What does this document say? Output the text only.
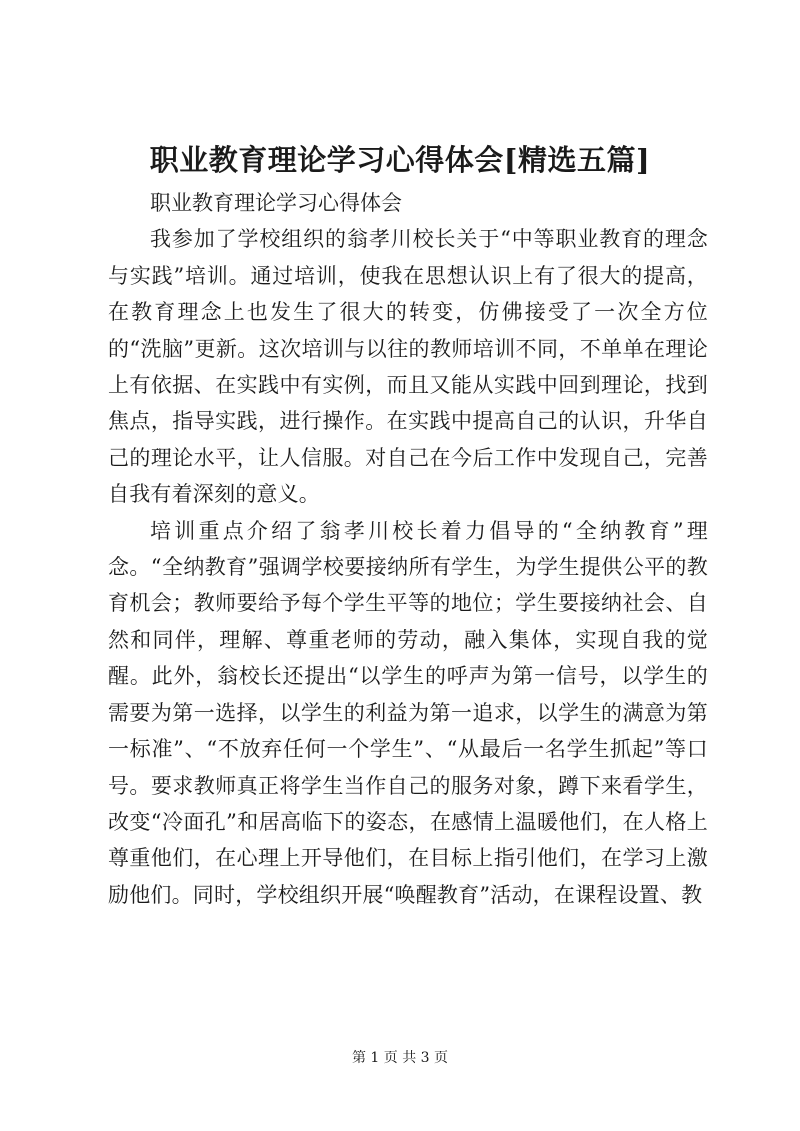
职业教育理论学习心得体会[精选五篇]

职业教育理论学习心得体会

我参加了学校组织的翁孝川校长关于“中等职业教育的理念与实践”培训。通过培训，使我在思想认识上有了很大的提高，在教育理念上也发生了很大的转变，仿佛接受了一次全方位的“洗脑”更新。这次培训与以往的教师培训不同，不单单在理论上有依据、在实践中有实例，而且又能从实践中回到理论，找到焦点，指导实践，进行操作。在实践中提高自己的认识，升华自己的理论水平，让人信服。对自己在今后工作中发现自己，完善自我有着深刻的意义。

培训重点介绍了翁孝川校长着力倡导的“全纳教育”理念。“全纳教育”强调学校要接纳所有学生，为学生提供公平的教育机会；教师要给予每个学生平等的地位；学生要接纳社会、自然和同伴，理解、尊重老师的劳动，融入集体，实现自我的觉醒。此外，翁校长还提出“以学生的呼声为第一信号，以学生的需要为第一选择，以学生的利益为第一追求，以学生的满意为第一标准”、“不放弃任何一个学生”、“从最后一名学生抓起”等口号。要求教师真正将学生当作自己的服务对象，蹲下来看学生，改变“冷面孔”和居高临下的姿态，在感情上温暖他们，在人格上尊重他们，在心理上开导他们，在目标上指引他们，在学习上激励他们。同时，学校组织开展“唤醒教育”活动，在课程设置、教

第 1 页 共 3 页
